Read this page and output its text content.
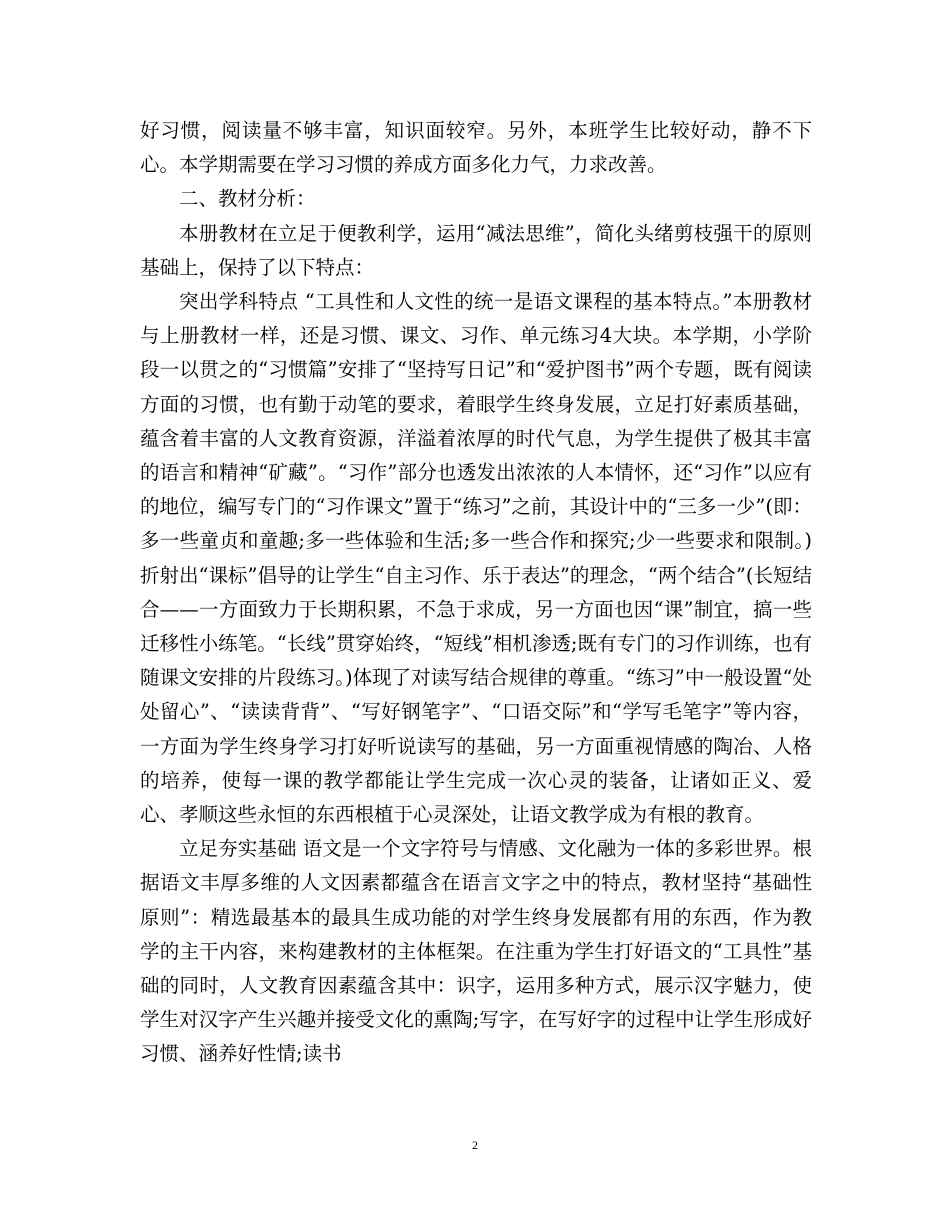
好习惯，阅读量不够丰富，知识面较窄。另外，本班学生比较好动，静不下心。本学期需要在学习习惯的养成方面多化力气，力求改善。

二、教材分析：

本册教材在立足于便教利学，运用“减法思维”，简化头绪剪枝强干的原则基础上，保持了以下特点：

突出学科特点 “工具性和人文性的统一是语文课程的基本特点。”本册教材与上册教材一样，还是习惯、课文、习作、单元练习4大块。本学期，小学阶段一以贯之的“习惯篇”安排了“坚持写日记”和“爱护图书”两个专题，既有阅读方面的习惯，也有勤于动笔的要求，着眼学生终身发展，立足打好素质基础，蕴含着丰富的人文教育资源，洋溢着浓厚的时代气息，为学生提供了极其丰富的语言和精神“矿藏”。“习作”部分也透发出浓浓的人本情怀，还“习作”以应有的地位，编写专门的“习作课文”置于“练习”之前，其设计中的“三多一少”(即：多一些童贞和童趣;多一些体验和生活;多一些合作和探究;少一些要求和限制。)折射出“课标”倡导的让学生“自主习作、乐于表达”的理念，“两个结合”(长短结合——一方面致力于长期积累，不急于求成，另一方面也因“课”制宜，搞一些迁移性小练笔。“长线”贯穿始终，“短线”相机渗透;既有专门的习作训练，也有随课文安排的片段练习。)体现了对读写结合规律的尊重。“练习”中一般设置“处处留心”、“读读背背”、“写好钢笔字”、“口语交际”和“学写毛笔字”等内容，一方面为学生终身学习打好听说读写的基础，另一方面重视情感的陶冶、人格的培养，使每一课的教学都能让学生完成一次心灵的装备，让诸如正义、爱心、孝顺这些永恒的东西根植于心灵深处，让语文教学成为有根的教育。

立足夯实基础 语文是一个文字符号与情感、文化融为一体的多彩世界。根据语文丰厚多维的人文因素都蕴含在语言文字之中的特点，教材坚持“基础性原则”：精选最基本的最具生成功能的对学生终身发展都有用的东西，作为教学的主干内容，来构建教材的主体框架。在注重为学生打好语文的“工具性”基础的同时，人文教育因素蕴含其中：识字，运用多种方式，展示汉字魅力，使学生对汉字产生兴趣并接受文化的熏陶;写字，在写好字的过程中让学生形成好习惯、涵养好性情;读书

2
